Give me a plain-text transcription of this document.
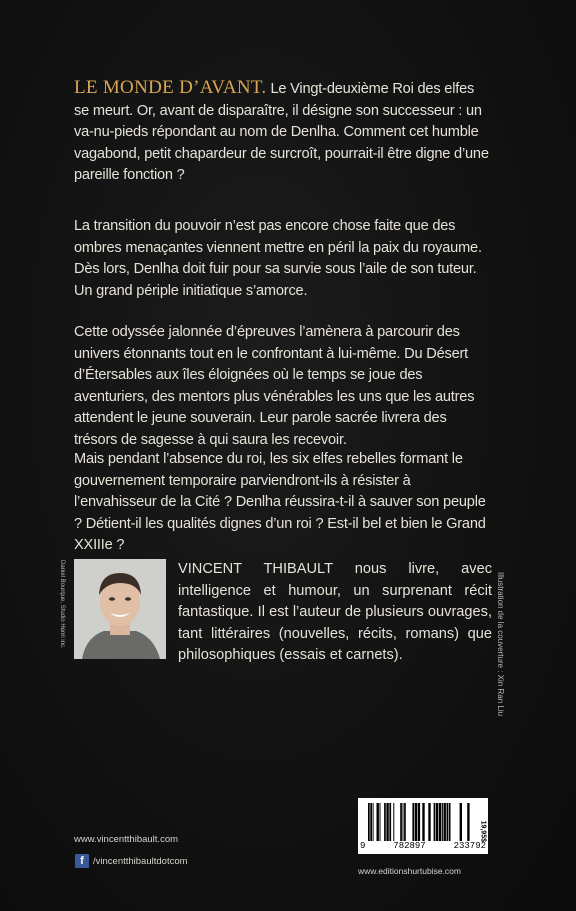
LE MONDE D’AVANT. Le Vingt-deuxième Roi des elfes se meurt. Or, avant de disparaître, il désigne son successeur : un va-nu-pieds répondant au nom de Denlha. Comment cet humble vagabond, petit chapardeur de surcroît, pourrait-il être digne d’une pareille fonction ?
La transition du pouvoir n’est pas encore chose faite que des ombres menaçantes viennent mettre en péril la paix du royaume. Dès lors, Denlha doit fuir pour sa survie sous l’aile de son tuteur. Un grand périple initiatique s’amorce.
Cette odyssée jalonnée d’épreuves l’amènera à parcourir des univers étonnants tout en le confrontant à lui-même. Du Désert d’Étersables aux îles éloignées où le temps se joue des aventuriers, des mentors plus vénérables les uns que les autres attendent le jeune souverain. Leur parole sacrée livrera des trésors de sagesse à qui saura les recevoir.
Mais pendant l’absence du roi, les six elfes rebelles formant le gouvernement temporaire parviendront-ils à résister à l’envahisseur de la Cité ? Denlha réussira-t-il à sauver son peuple ? Détient-il les qualités dignes d’un roi ? Est-il bel et bien le Grand XXIIIe ?
Daniel Bourque, Studio Henri inc.	VINCENT THIBAULT nous livre, avec intelligence et humour, un surprenant récit fantastique. Il est l’auteur de plusieurs ouvrages, tant littéraires (nouvelles, récits, romans) que philosophiques (essais et carnets).	Illustration de la couverture : Xin Ran Liu
www.vincentthibault.com
f /vincentthibaultdotcom
19,95$
9	782897	233792
www.editionshurtubise.com
